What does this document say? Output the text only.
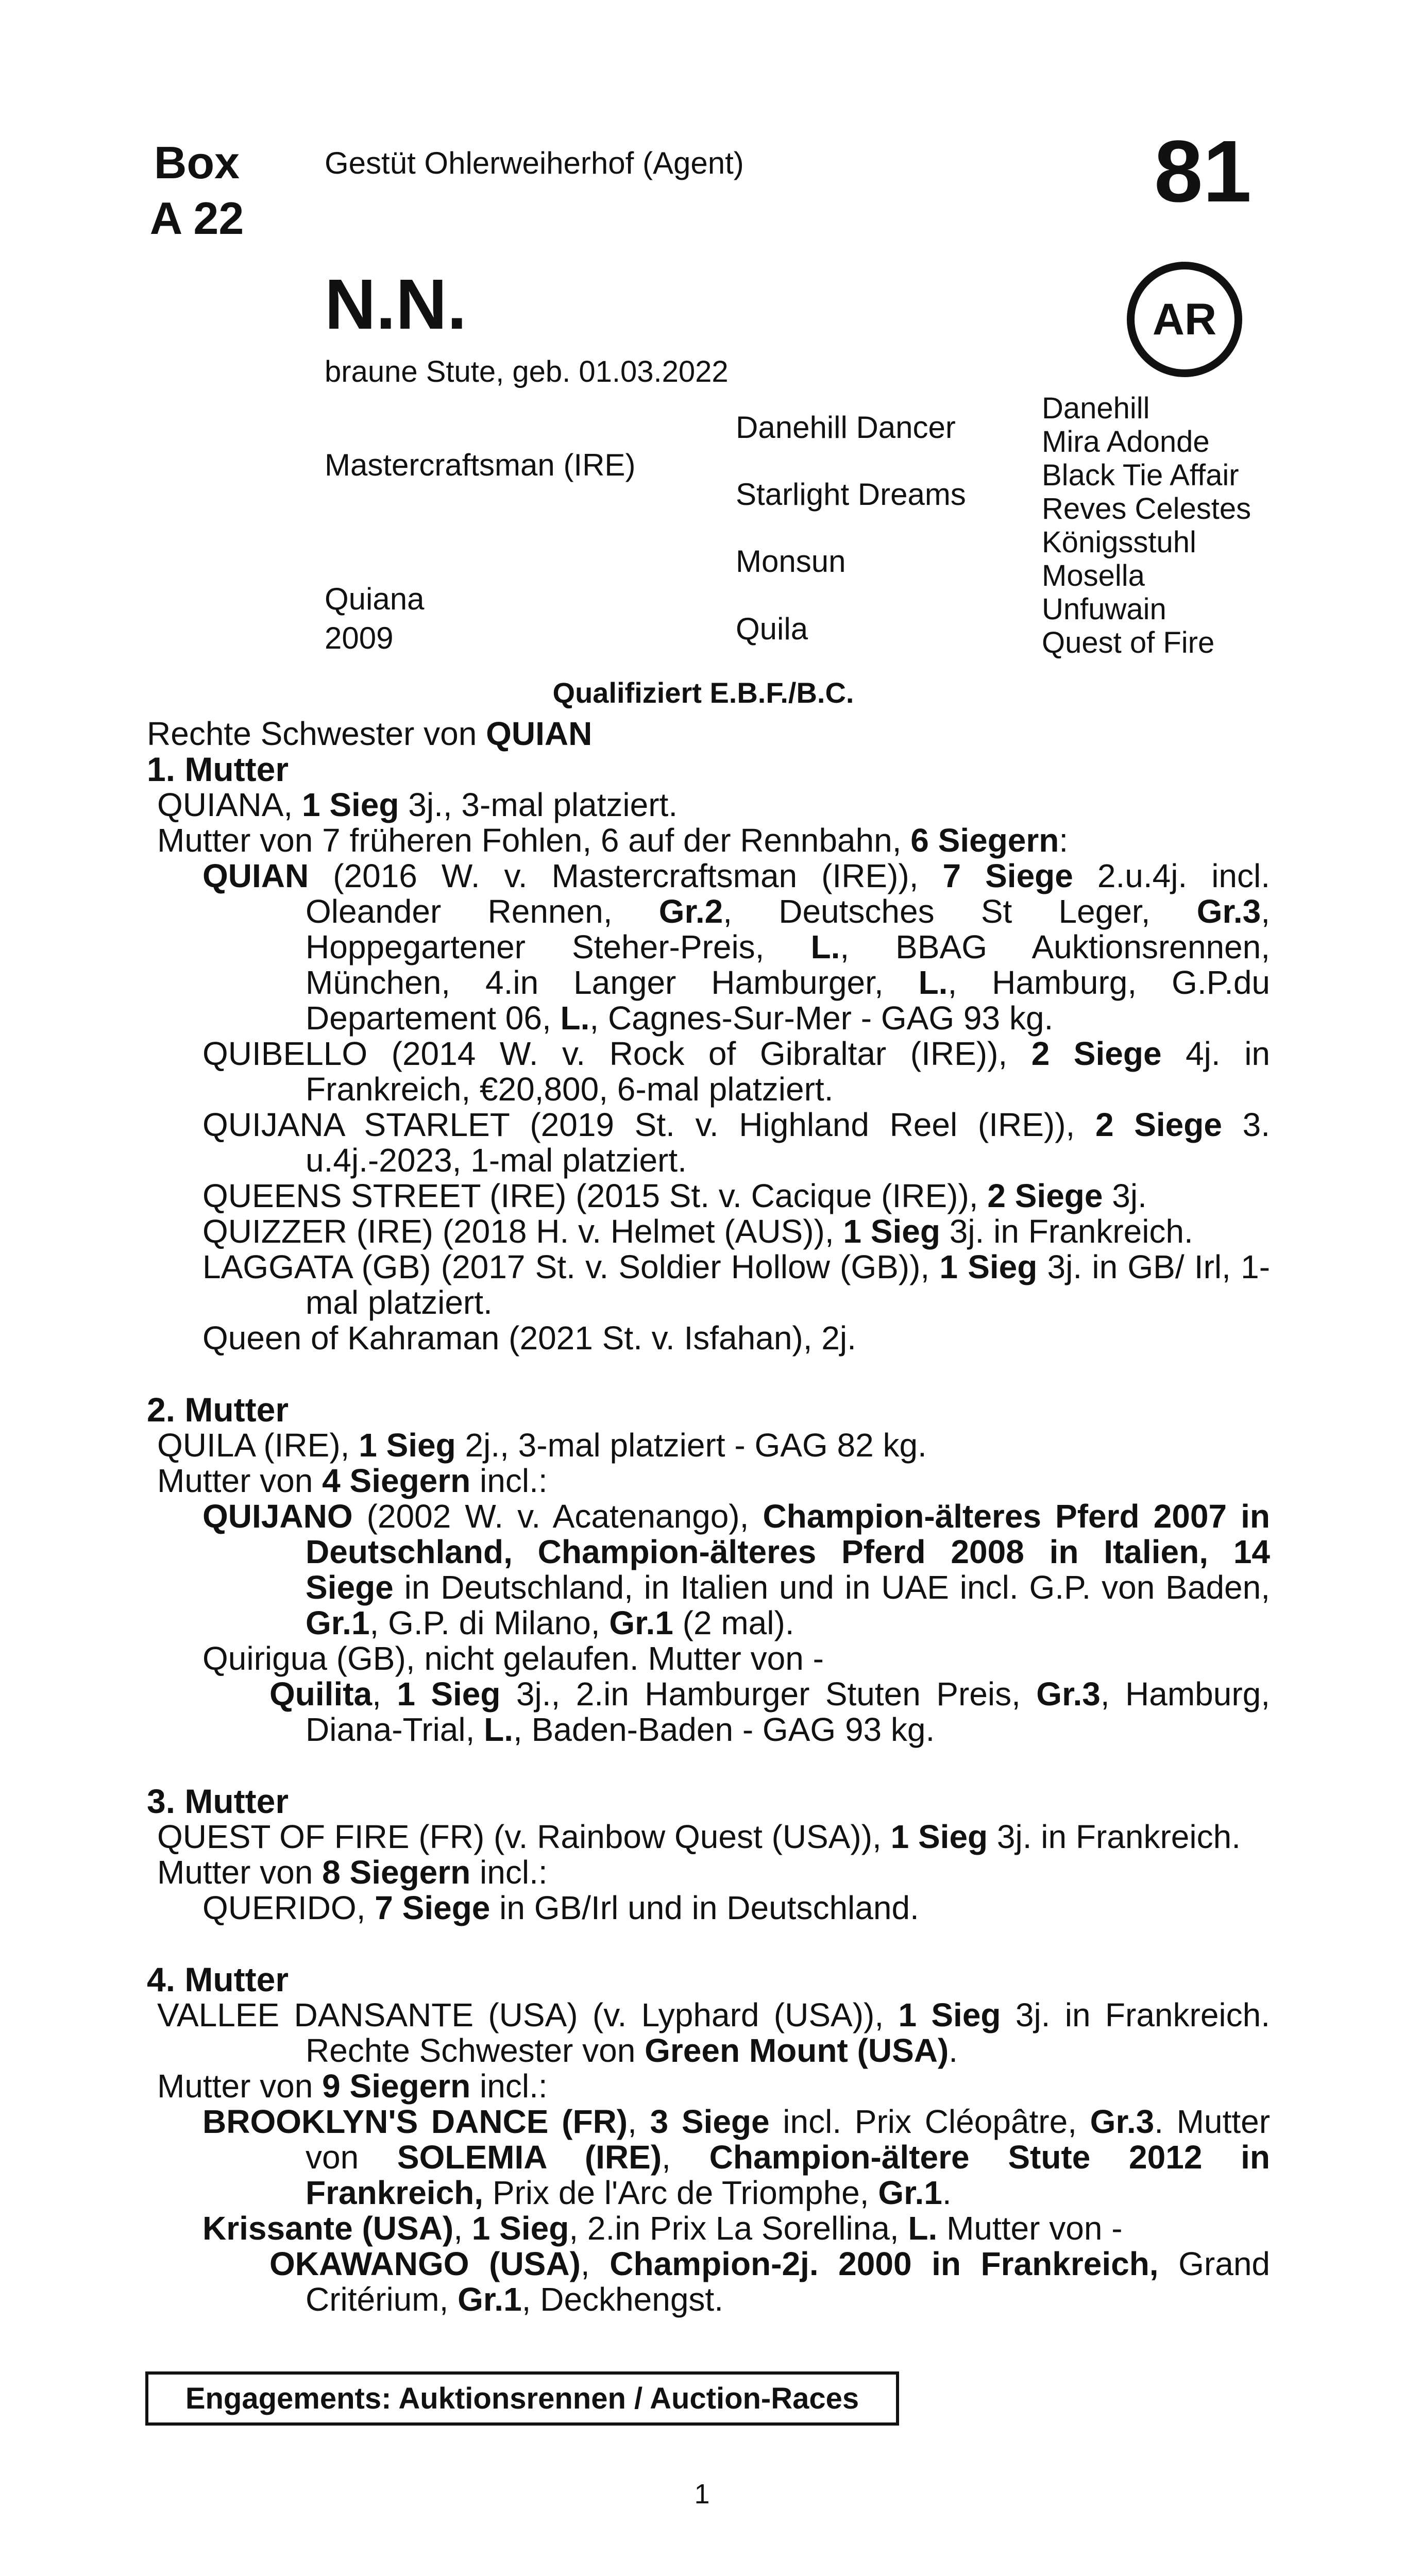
Box
A 22
Gestüt Ohlerweiherhof (Agent)	81
AR
N.N.
braune Stute, geb. 01.03.2022
Mastercraftsman (IRE)
Quiana
2009
Danehill Dancer
Starlight Dreams
Monsun
Quila
Danehill
Mira Adonde
Black Tie Affair
Reves Celestes
Königsstuhl
Mosella
Unfuwain
Quest of Fire
Qualifiziert E.B.F./B.C.

Rechte Schwester von QUIAN

1. Mutter

QUIANA, 1 Sieg 3j., 3-mal platziert.

Mutter von 7 früheren Fohlen, 6 auf der Rennbahn, 6 Siegern:

QUIAN (2016 W. v. Mastercraftsman (IRE)), 7 Siege 2.u.4j. incl. Oleander Rennen, Gr.2, Deutsches St Leger, Gr.3, Hoppegartener Steher-Preis, L., BBAG Auktionsrennen, München, 4.in Langer Hamburger, L., Hamburg, G.P.du Departement 06, L., Cagnes-Sur-Mer - GAG 93 kg.

QUIBELLO (2014 W. v. Rock of Gibraltar (IRE)), 2 Siege 4j. in Frankreich, €20,800, 6-mal platziert.

QUIJANA STARLET (2019 St. v. Highland Reel (IRE)), 2 Siege 3. u.4j.-2023, 1-mal platziert.

QUEENS STREET (IRE) (2015 St. v. Cacique (IRE)), 2 Siege 3j.

QUIZZER (IRE) (2018 H. v. Helmet (AUS)), 1 Sieg 3j. in Frankreich.

LAGGATA (GB) (2017 St. v. Soldier Hollow (GB)), 1 Sieg 3j. in GB/ Irl, 1-mal platziert.

Queen of Kahraman (2021 St. v. Isfahan), 2j.

2. Mutter

QUILA (IRE), 1 Sieg 2j., 3-mal platziert - GAG 82 kg.

Mutter von 4 Siegern incl.:

QUIJANO (2002 W. v. Acatenango), Champion-älteres Pferd 2007 in Deutschland, Champion-älteres Pferd 2008 in Italien, 14 Siege in Deutschland, in Italien und in UAE incl. G.P. von Baden, Gr.1, G.P. di Milano, Gr.1 (2 mal).

Quirigua (GB), nicht gelaufen. Mutter von -

Quilita, 1 Sieg 3j., 2.in Hamburger Stuten Preis, Gr.3, Hamburg, Diana-Trial, L., Baden-Baden - GAG 93 kg.

3. Mutter

QUEST OF FIRE (FR) (v. Rainbow Quest (USA)), 1 Sieg 3j. in Frankreich.

Mutter von 8 Siegern incl.:

QUERIDO, 7 Siege in GB/Irl und in Deutschland.

4. Mutter

VALLEE DANSANTE (USA) (v. Lyphard (USA)), 1 Sieg 3j. in Frankreich. Rechte Schwester von Green Mount (USA).

Mutter von 9 Siegern incl.:

BROOKLYN'S DANCE (FR), 3 Siege incl. Prix Cléopâtre, Gr.3. Mutter von SOLEMIA (IRE), Champion-ältere Stute 2012 in Frankreich, Prix de l'Arc de Triomphe, Gr.1.

Krissante (USA), 1 Sieg, 2.in Prix La Sorellina, L. Mutter von -

OKAWANGO (USA), Champion-2j. 2000 in Frankreich, Grand Critérium, Gr.1, Deckhengst.

Engagements: Auktionsrennen / Auction-Races
1
